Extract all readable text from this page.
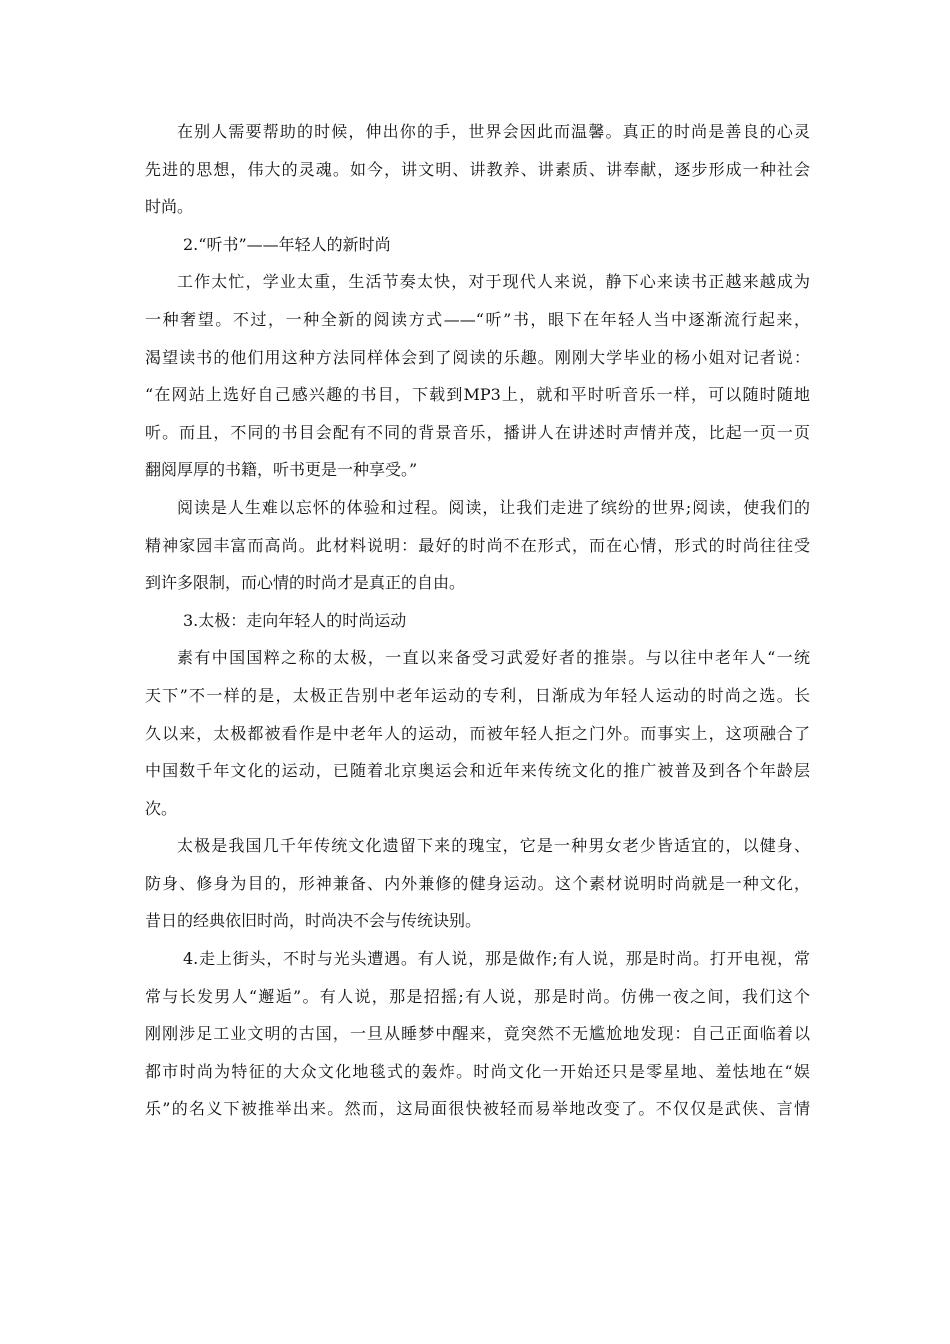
在别人需要帮助的时候，伸出你的手，世界会因此而温馨。真正的时尚是善良的心灵
先进的思想，伟大的灵魂。如今，讲文明、讲教养、讲素质、讲奉献，逐步形成一种社会
时尚。
2.“听书”——年轻人的新时尚
工作太忙，学业太重，生活节奏太快，对于现代人来说，静下心来读书正越来越成为
一种奢望。不过，一种全新的阅读方式——“听”书，眼下在年轻人当中逐渐流行起来，
渴望读书的他们用这种方法同样体会到了阅读的乐趣。刚刚大学毕业的杨小姐对记者说：
“在网站上选好自己感兴趣的书目，下载到MP3上，就和平时听音乐一样，可以随时随地
听。而且，不同的书目会配有不同的背景音乐，播讲人在讲述时声情并茂，比起一页一页
翻阅厚厚的书籍，听书更是一种享受。”
阅读是人生难以忘怀的体验和过程。阅读，让我们走进了缤纷的世界;阅读，使我们的
精神家园丰富而高尚。此材料说明：最好的时尚不在形式，而在心情，形式的时尚往往受
到许多限制，而心情的时尚才是真正的自由。
3.太极：走向年轻人的时尚运动
素有中国国粹之称的太极，一直以来备受习武爱好者的推崇。与以往中老年人“一统
天下”不一样的是，太极正告别中老年运动的专利，日渐成为年轻人运动的时尚之选。长
久以来，太极都被看作是中老年人的运动，而被年轻人拒之门外。而事实上，这项融合了
中国数千年文化的运动，已随着北京奥运会和近年来传统文化的推广被普及到各个年龄层
次。
太极是我国几千年传统文化遗留下来的瑰宝，它是一种男女老少皆适宜的，以健身、
防身、修身为目的，形神兼备、内外兼修的健身运动。这个素材说明时尚就是一种文化，
昔日的经典依旧时尚，时尚决不会与传统诀别。
4.走上街头，不时与光头遭遇。有人说，那是做作;有人说，那是时尚。打开电视，常
常与长发男人“邂逅”。有人说，那是招摇;有人说，那是时尚。仿佛一夜之间，我们这个
刚刚涉足工业文明的古国，一旦从睡梦中醒来，竟突然不无尴尬地发现：自己正面临着以
都市时尚为特征的大众文化地毯式的轰炸。时尚文化一开始还只是零星地、羞怯地在“娱
乐”的名义下被推举出来。然而，这局面很快被轻而易举地改变了。不仅仅是武侠、言情
